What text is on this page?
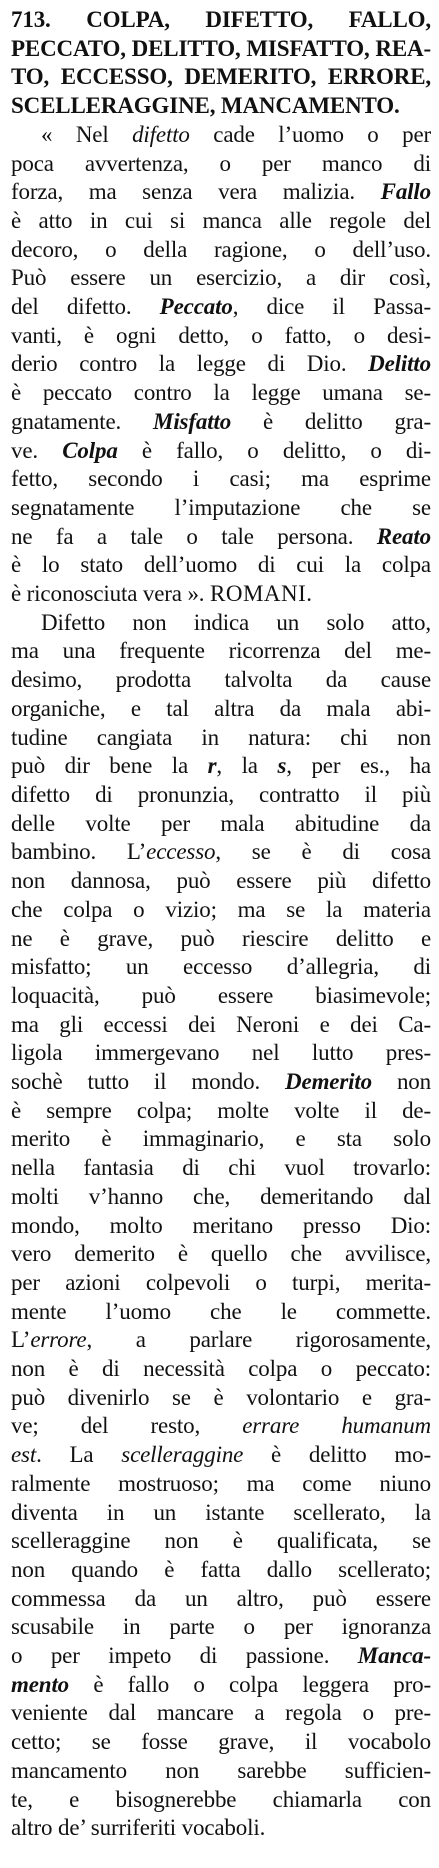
713. COLPA, DIFETTO, FALLO,
PECCATO, DELITTO, MISFATTO, REA-
TO, ECCESSO, DEMERITO, ERRORE,
SCELLERAGGINE, MANCAMENTO.
« Nel difetto cade l’uomo o per
poca avvertenza, o per manco di
forza, ma senza vera malizia. Fallo
è atto in cui si manca alle regole del
decoro, o della ragione, o dell’uso.
Può essere un esercizio, a dir così,
del difetto. Peccato, dice il Passa-
vanti, è ogni detto, o fatto, o desi-
derio contro la legge di Dio. Delitto
è peccato contro la legge umana se-
gnatamente. Misfatto è delitto gra-
ve. Colpa è fallo, o delitto, o di-
fetto, secondo i casi; ma esprime
segnatamente l’imputazione che se
ne fa a tale o tale persona. Reato
è lo stato dell’uomo di cui la colpa
è riconosciuta vera ». ROMANI.
Difetto non indica un solo atto,
ma una frequente ricorrenza del me-
desimo, prodotta talvolta da cause
organiche, e tal altra da mala abi-
tudine cangiata in natura: chi non
può dir bene la r, la s, per es., ha
difetto di pronunzia, contratto il più
delle volte per mala abitudine da
bambino. L’eccesso, se è di cosa
non dannosa, può essere più difetto
che colpa o vizio; ma se la materia
ne è grave, può riescire delitto e
misfatto; un eccesso d’allegria, di
loquacità, può essere biasimevole;
ma gli eccessi dei Neroni e dei Ca-
ligola immergevano nel lutto pres-
sochè tutto il mondo. Demerito non
è sempre colpa; molte volte il de-
merito è immaginario, e sta solo
nella fantasia di chi vuol trovarlo:
molti v’hanno che, demeritando dal
mondo, molto meritano presso Dio:
vero demerito è quello che avvilisce,
per azioni colpevoli o turpi, merita-
mente l’uomo che le commette.
L’errore, a parlare rigorosamente,
non è di necessità colpa o peccato:
può divenirlo se è volontario e gra-
ve; del resto, errare humanum
est. La scelleraggine è delitto mo-
ralmente mostruoso; ma come niuno
diventa in un istante scellerato, la
scelleraggine non è qualificata, se
non quando è fatta dallo scellerato;
commessa da un altro, può essere
scusabile in parte o per ignoranza
o per impeto di passione. Manca-
mento è fallo o colpa leggera pro-
veniente dal mancare a regola o pre-
cetto; se fosse grave, il vocabolo
mancamento non sarebbe sufficien-
te, e bisognerebbe chiamarla con
altro de’ surriferiti vocaboli.
